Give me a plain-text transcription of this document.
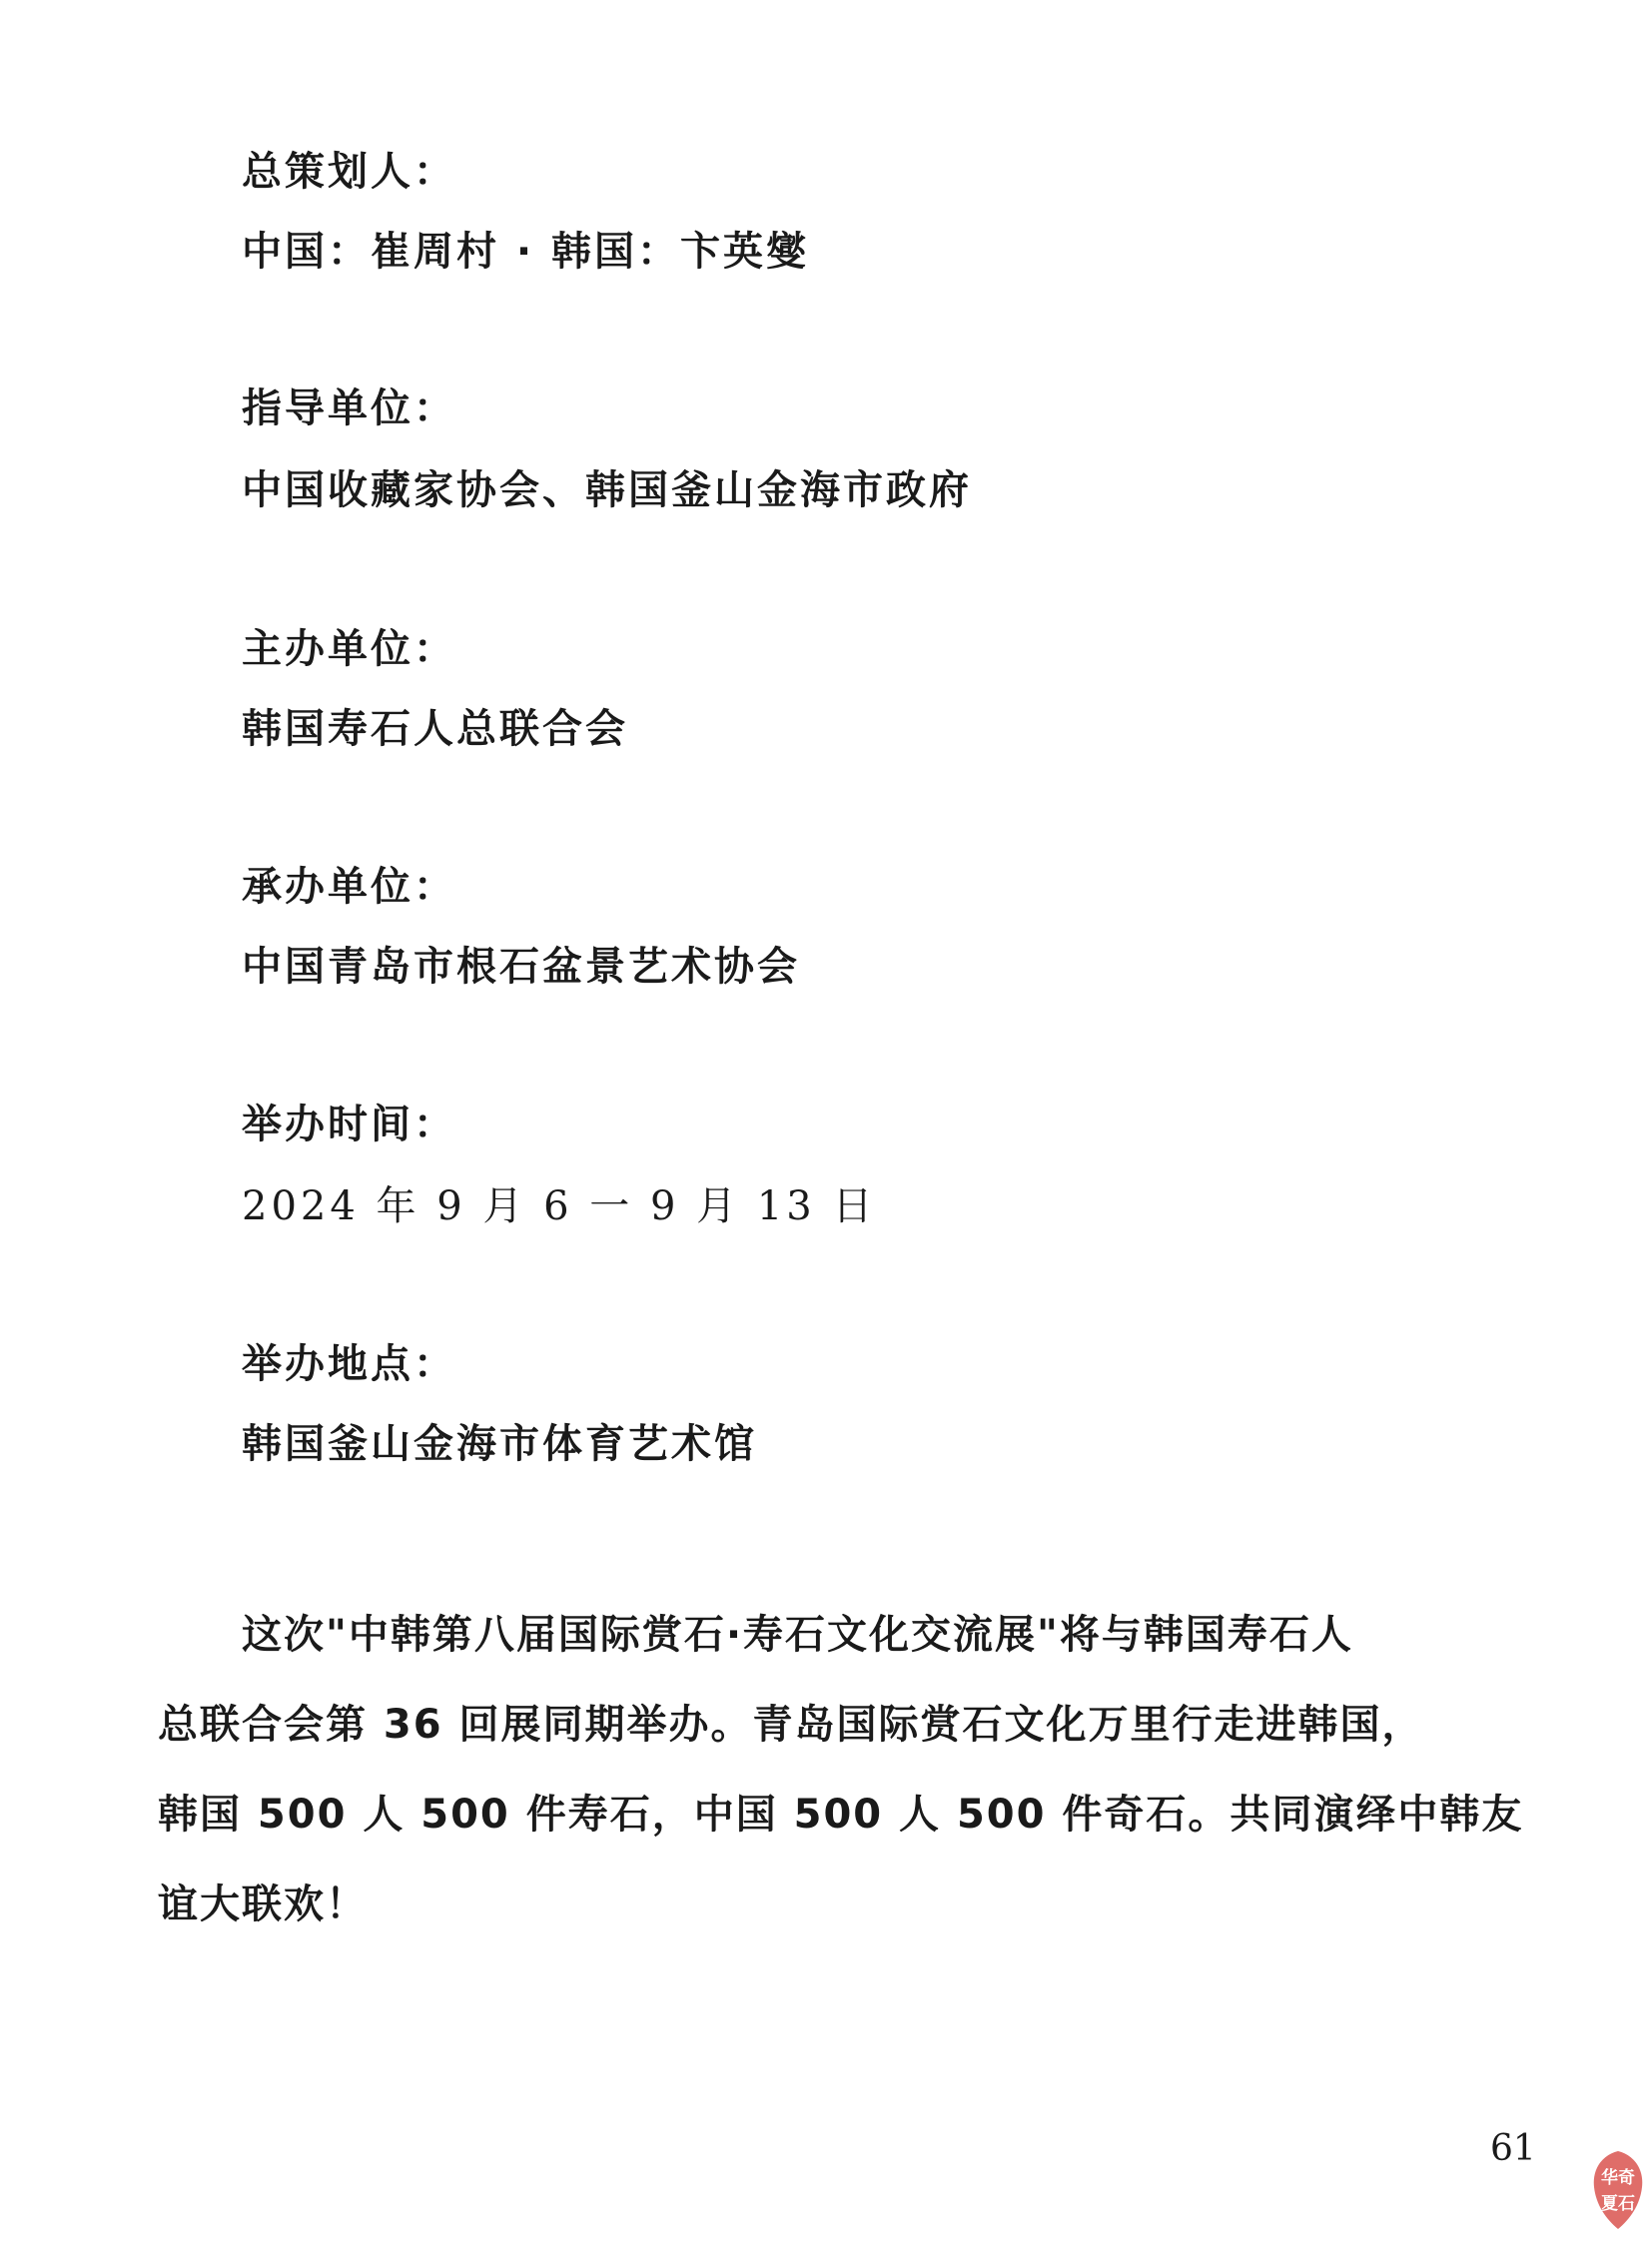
总策划人：
中国：崔周村 · 韩国：卞英燮
指导单位：
中国收藏家协会、韩国釜山金海市政府
主办单位：
韩国寿石人总联合会
承办单位：
中国青岛市根石盆景艺术协会
举办时间：
2024 年 9 月 6 一 9 月 13 日
举办地点：
韩国釜山金海市体育艺术馆
这次"中韩第八届国际赏石·寿石文化交流展"将与韩国寿石人
总联合会第 36 回展同期举办。青岛国际赏石文化万里行走进韩国，
韩国 500 人 500 件寿石，中国 500 人 500 件奇石。共同演绎中韩友
谊大联欢！
61
华奇
夏石
